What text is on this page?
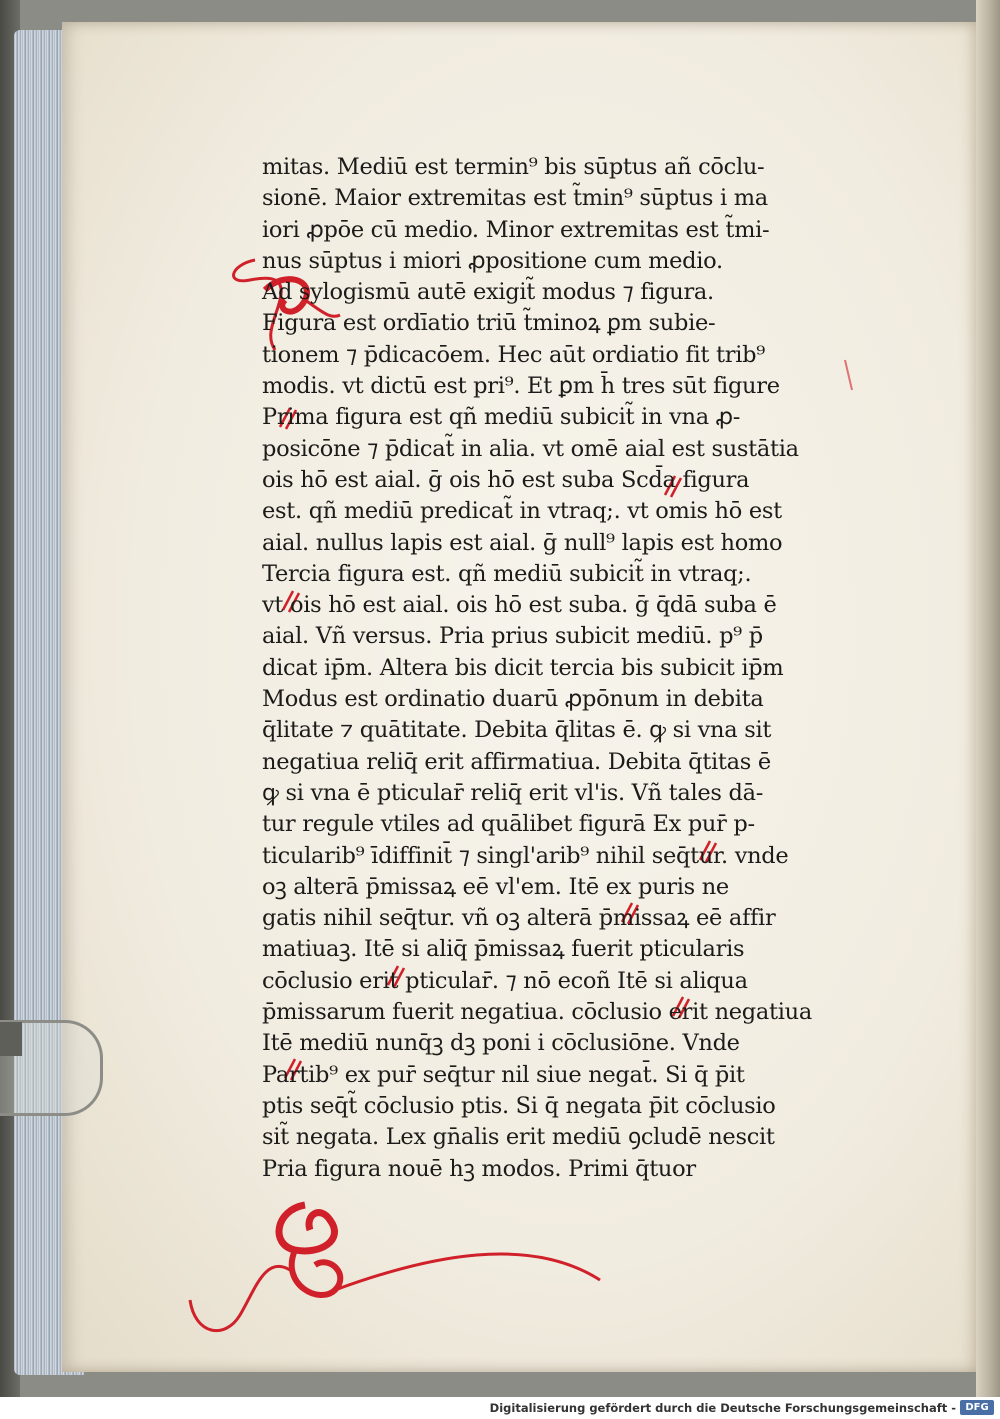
mitas. Mediū est termin⁹ bis sūptus añ cōclu-
sionē. Maior extremitas est t̃min⁹ sūptus i ma
iori ꝓpōe cū medio. Minor extremitas est t̃mi-
nus sūptus i miori ꝓpositione cum medio.
Ad sylogismū autē exigit̃ modus ⁊ figura.
Figura est ordīatio triū t̃minoꝝ ꝑm subie-
tionem ⁊ p̄dicacōem. Hec aūt ordiatio fit trib⁹
modis. vt dictū est pri⁹. Et ꝑm h̄ tres sūt figure
Prima figura est qñ mediū subicit̃ in vna ꝓ-
posicōne ⁊ p̄dicat̃ in alia. vt omē aial est sustātia
ois hō est aial. ḡ ois hō est suba Scd̄a figura
est. qñ mediū predicat̃ in vtraq;. vt omis hō est
aial. nullus lapis est aial. ḡ null⁹ lapis est homo
Tercia figura est. qñ mediū subicit̃ in vtraq;.
vt ois hō est aial. ois hō est suba. ḡ q̄dā suba ē
aial. Vñ versus. Pria prius subicit mediū. p⁹ p̄
dicat ip̄m. Altera bis dicit tercia bis subicit ip̄m
Modus est ordinatio duarū ꝓpōnum in debita
q̄litate ⁊ quātitate. Debita q̄litas ē. ꝙ si vna sit
negatiua reliq̄ erit affirmatiua. Debita q̄titas ē
ꝙ si vna ē pticular̄ reliq̄ erit vl'is. Vñ tales dā-
tur regule vtiles ad quālibet figurā Ex pur̄ p-
ticularib⁹ īdiffinit̄ ⁊ singl'arib⁹ nihil seq̄tur. vnde
oꝫ alterā p̄missaꝝ eē vl'em. Itē ex puris ne
gatis nihil seq̄tur. vñ oꝫ alterā p̄missaꝝ eē affir
matiuaꝫ. Itē si aliq̄ p̄missaꝝ fuerit pticularis
cōclusio erit pticular̄. ⁊ nō ecoñ Itē si aliqua
p̄missarum fuerit negatiua. cōclusio erit negatiua
Itē mediū nunq̄ꝫ dꝫ poni i cōclusiōne. Vnde
Partib⁹ ex pur̄ seq̄tur nil siue negat̄. Si q̄ p̄it
ptis seq̄t̃ cōclusio ptis. Si q̄ negata p̄it cōclusio
sit̃ negata. Lex gn̄alis erit mediū ꝯcludē nescit
Pria figura nouē hꝫ modos. Primi q̄tuor
Digitalisierung gefördert durch die Deutsche Forschungsgemeinschaft - DFG
